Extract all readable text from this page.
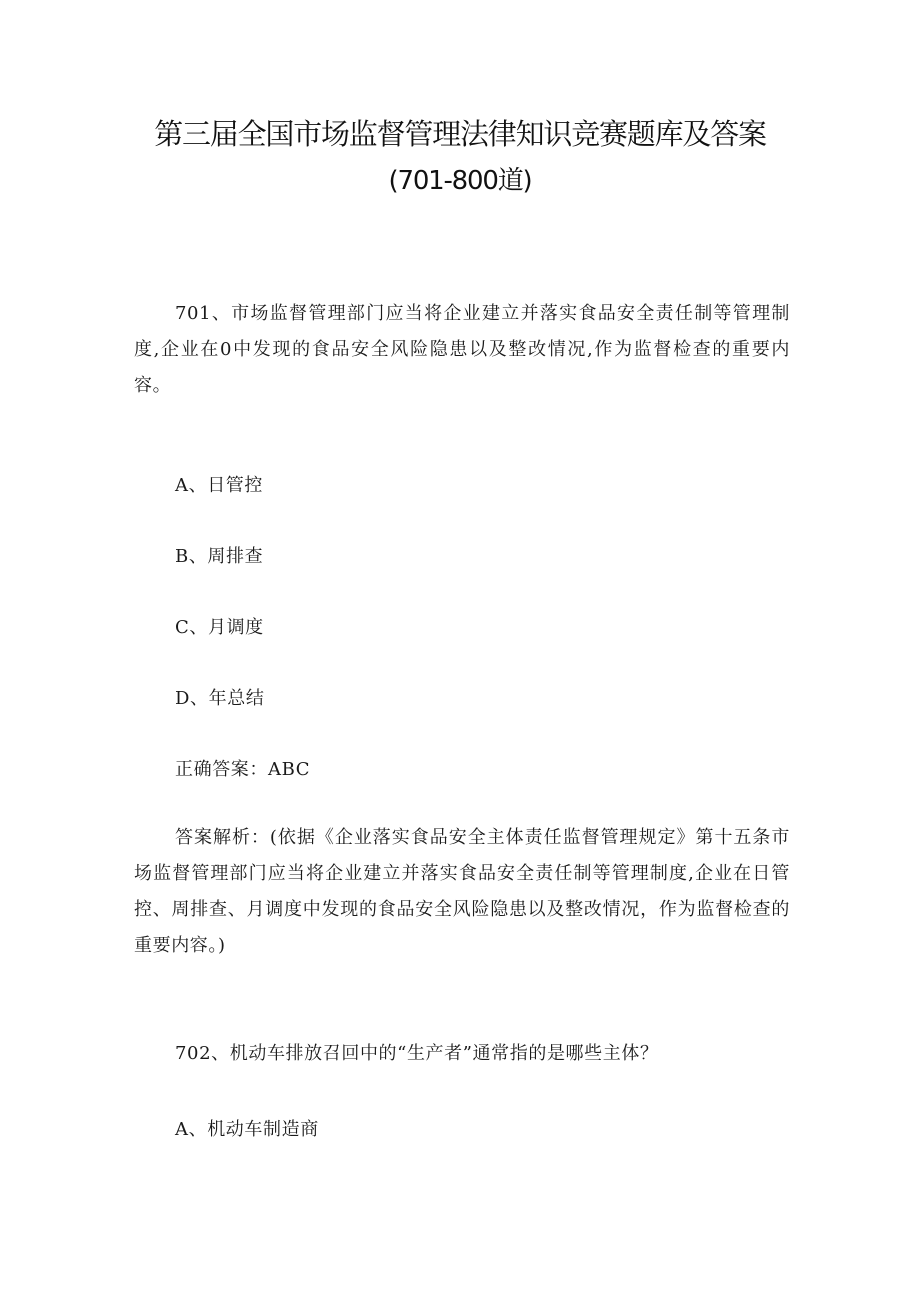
第三届全国市场监督管理法律知识竞赛题库及答案
(701-800道)
701、市场监督管理部门应当将企业建立并落实食品安全责任制等管理制度,企业在0中发现的食品安全风险隐患以及整改情况,作为监督检查的重要内容。
A、日管控
B、周排查
C、月调度
D、年总结
正确答案：ABC
答案解析：(依据《企业落实食品安全主体责任监督管理规定》第十五条市场监督管理部门应当将企业建立并落实食品安全责任制等管理制度,企业在日管控、周排查、月调度中发现的食品安全风险隐患以及整改情况，作为监督检查的重要内容。)
702、机动车排放召回中的“生产者”通常指的是哪些主体？
A、机动车制造商
